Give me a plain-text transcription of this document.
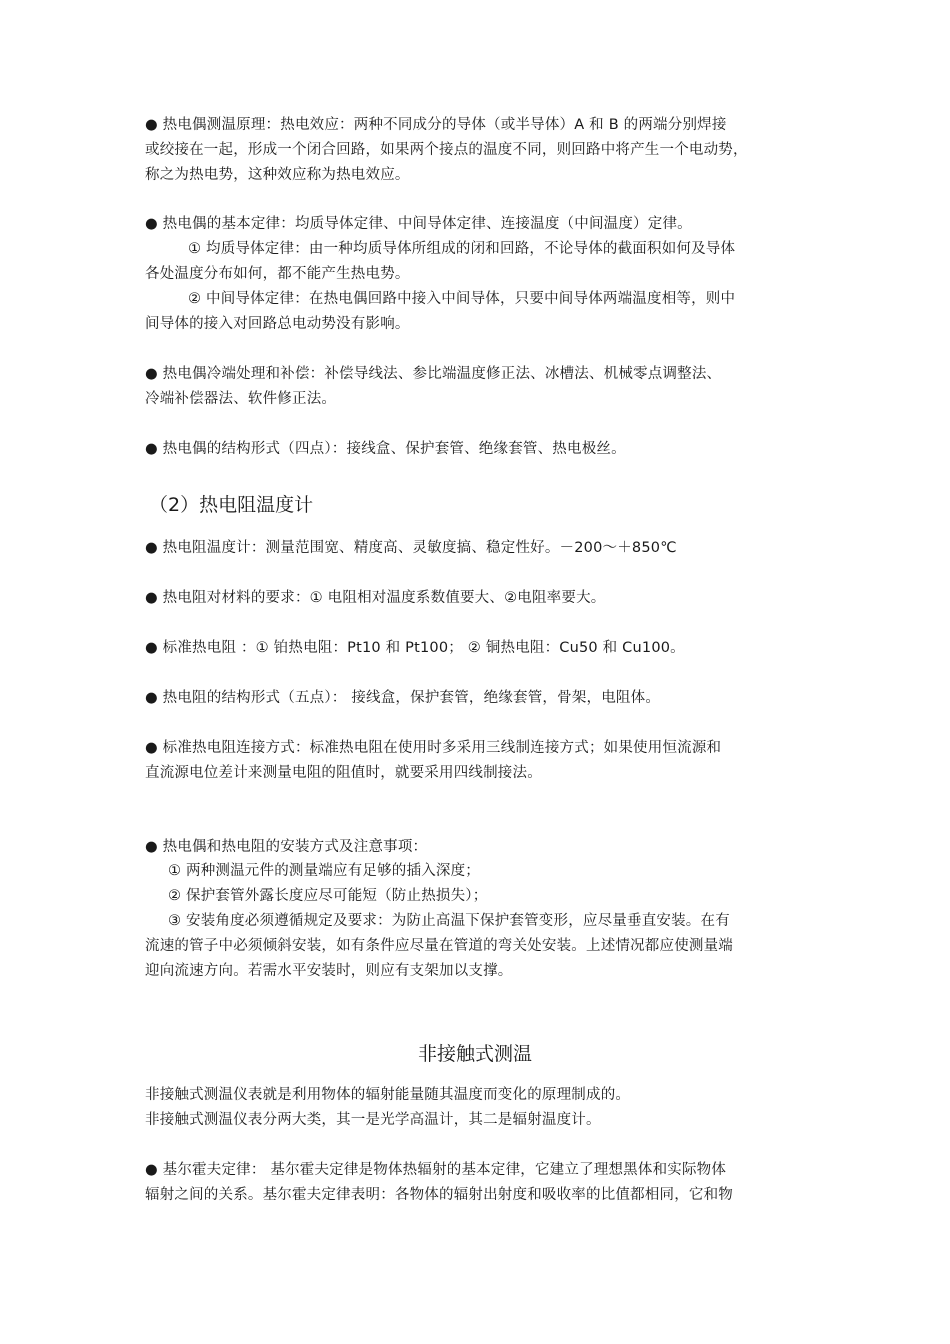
● 热电偶测温原理：热电效应：两种不同成分的导体（或半导体）A 和 B 的两端分别焊接
或绞接在一起，形成一个闭合回路，如果两个接点的温度不同，则回路中将产生一个电动势，
称之为热电势，这种效应称为热电效应。
● 热电偶的基本定律：均质导体定律、中间导体定律、连接温度（中间温度）定律。
① 均质导体定律：由一种均质导体所组成的闭和回路，不论导体的截面积如何及导体
各处温度分布如何，都不能产生热电势。
② 中间导体定律：在热电偶回路中接入中间导体，只要中间导体两端温度相等，则中
间导体的接入对回路总电动势没有影响。
● 热电偶冷端处理和补偿：补偿导线法、参比端温度修正法、冰槽法、机械零点调整法、
冷端补偿器法、软件修正法。
● 热电偶的结构形式（四点）：接线盒、保护套管、绝缘套管、热电极丝。
（2）热电阻温度计
● 热电阻温度计：测量范围宽、精度高、灵敏度搞、稳定性好。－200～＋850℃
● 热电阻对材料的要求：① 电阻相对温度系数值要大、②电阻率要大。
● 标准热电阻 ：① 铂热电阻：Pt10 和 Pt100； ② 铜热电阻：Cu50 和 Cu100。
● 热电阻的结构形式（五点）： 接线盒，保护套管，绝缘套管，骨架，电阻体。
● 标准热电阻连接方式：标准热电阻在使用时多采用三线制连接方式；如果使用恒流源和
直流源电位差计来测量电阻的阻值时，就要采用四线制接法。
● 热电偶和热电阻的安装方式及注意事项：
① 两种测温元件的测量端应有足够的插入深度；
② 保护套管外露长度应尽可能短（防止热损失）；
③ 安装角度必须遵循规定及要求：为防止高温下保护套管变形，应尽量垂直安装。在有
流速的管子中必须倾斜安装，如有条件应尽量在管道的弯关处安装。上述情况都应使测量端
迎向流速方向。若需水平安装时，则应有支架加以支撑。
非接触式测温
非接触式测温仪表就是利用物体的辐射能量随其温度而变化的原理制成的。
非接触式测温仪表分两大类，其一是光学高温计，其二是辐射温度计。
● 基尔霍夫定律： 基尔霍夫定律是物体热辐射的基本定律，它建立了理想黑体和实际物体
辐射之间的关系。基尔霍夫定律表明：各物体的辐射出射度和吸收率的比值都相同，它和物
